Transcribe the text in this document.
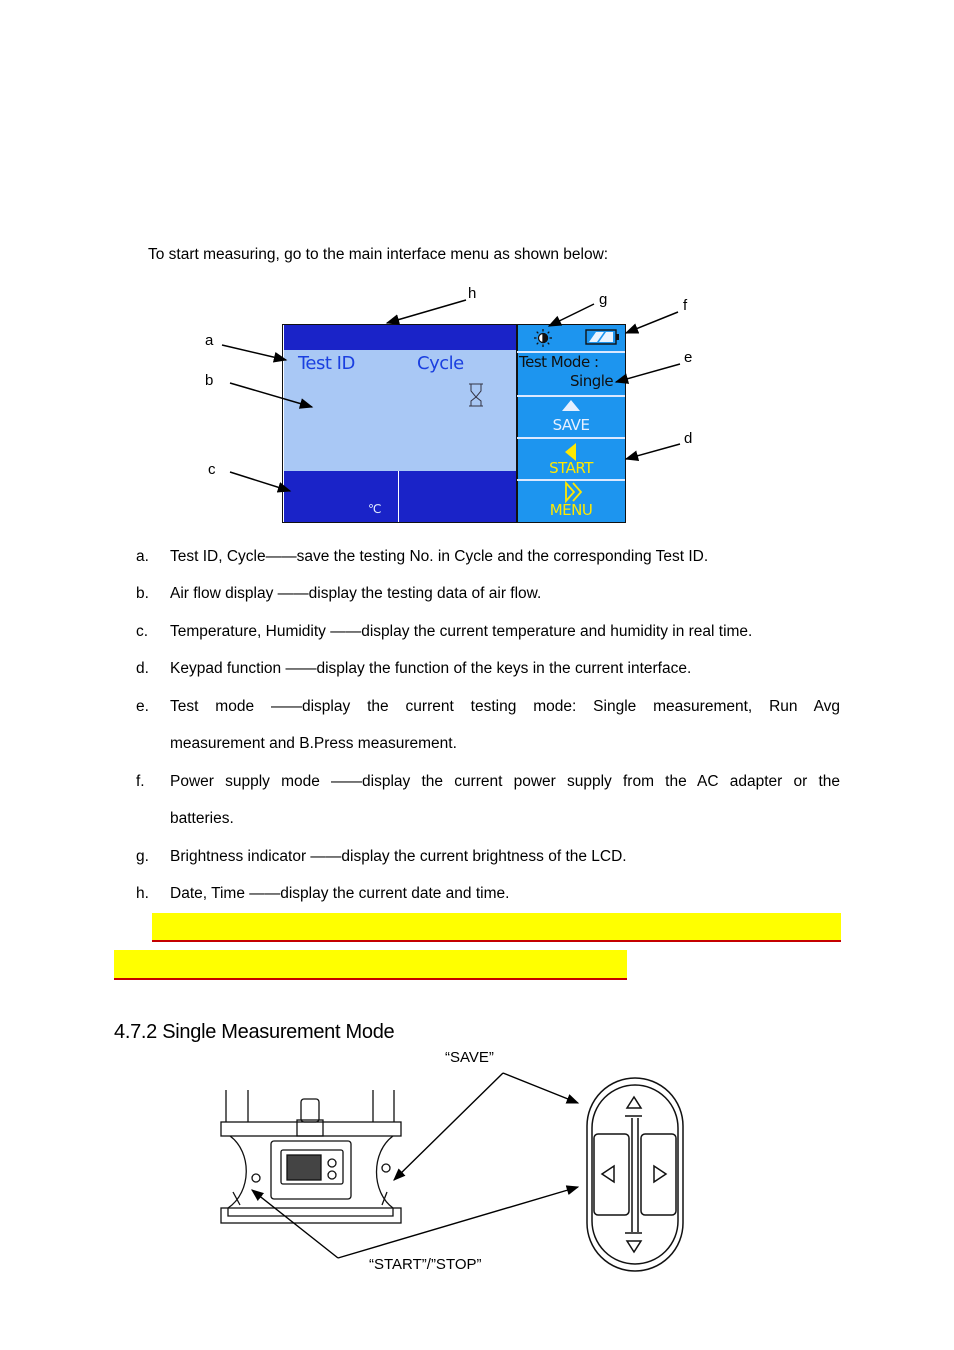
To start measuring, go to the main interface menu as shown below:
Test ID	Cycle
℃
Test Mode :
Single
SAVE
START
MENU
h	g	f
a
e
b
d
c
a.	Test ID, Cycle——save the testing No. in Cycle and the corresponding Test ID.
b.	Air flow display ——display the testing data of air flow.
c.	Temperature, Humidity ——display the current temperature and humidity in real time.
d.	Keypad function ——display the function of the keys in the current interface.
e.	Test mode ——display the current testing mode: Single measurement, Run Avg
measurement and B.Press measurement.
f.	Power supply mode ——display the current power supply from the AC adapter or the
batteries.
g.	Brightness indicator ——display the current brightness of the LCD.
h.	Date, Time ——display the current date and time.
4.7.2 Single Measurement Mode
“SAVE”
“START”/”STOP”
